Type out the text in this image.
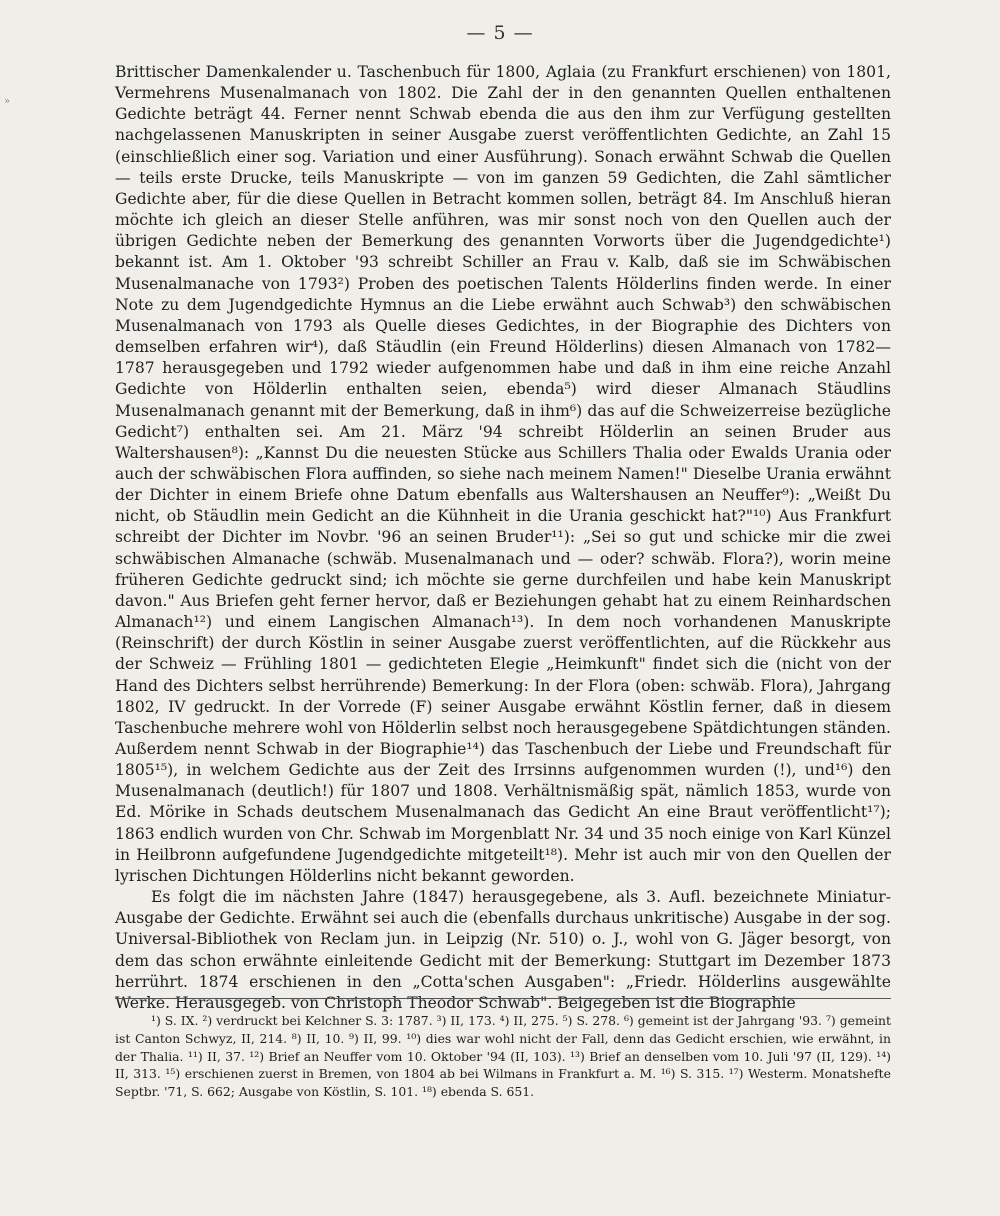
— 5 —
»

Brittischer Damenkalender u. Taschenbuch für 1800, Aglaia (zu Frankfurt erschienen) von 1801, Vermehrens Musenalmanach von 1802. Die Zahl der in den genannten Quellen enthaltenen Gedichte beträgt 44. Ferner nennt Schwab ebenda die aus den ihm zur Verfügung gestellten nachgelassenen Manuskripten in seiner Ausgabe zuerst veröffentlichten Gedichte, an Zahl 15 (einschließlich einer sog. Variation und einer Ausführung). Sonach erwähnt Schwab die Quellen — teils erste Drucke, teils Manuskripte — von im ganzen 59 Gedichten, die Zahl sämtlicher Gedichte aber, für die diese Quellen in Betracht kommen sollen, beträgt 84. Im Anschluß hieran möchte ich gleich an dieser Stelle anführen, was mir sonst noch von den Quellen auch der übrigen Gedichte neben der Bemerkung des genannten Vorworts über die Jugendgedichte¹) bekannt ist. Am 1. Oktober '93 schreibt Schiller an Frau v. Kalb, daß sie im Schwäbischen Musenalmanache von 1793²) Proben des poetischen Talents Hölderlins finden werde. In einer Note zu dem Jugendgedichte Hymnus an die Liebe erwähnt auch Schwab³) den schwäbischen Musenalmanach von 1793 als Quelle dieses Gedichtes, in der Biographie des Dichters von demselben erfahren wir⁴), daß Stäudlin (ein Freund Hölderlins) diesen Almanach von 1782—1787 herausgegeben und 1792 wieder aufgenommen habe und daß in ihm eine reiche Anzahl Gedichte von Hölderlin enthalten seien, ebenda⁵) wird dieser Almanach Stäudlins Musenalmanach genannt mit der Bemerkung, daß in ihm⁶) das auf die Schweizerreise bezügliche Gedicht⁷) enthalten sei. Am 21. März '94 schreibt Hölderlin an seinen Bruder aus Waltershausen⁸): „Kannst Du die neuesten Stücke aus Schillers Thalia oder Ewalds Urania oder auch der schwäbischen Flora auffinden, so siehe nach meinem Namen!" Dieselbe Urania erwähnt der Dichter in einem Briefe ohne Datum ebenfalls aus Waltershausen an Neuffer⁹): „Weißt Du nicht, ob Stäudlin mein Gedicht an die Kühnheit in die Urania geschickt hat?"¹⁰) Aus Frankfurt schreibt der Dichter im Novbr. '96 an seinen Bruder¹¹): „Sei so gut und schicke mir die zwei schwäbischen Almanache (schwäb. Musenalmanach und — oder? schwäb. Flora?), worin meine früheren Gedichte gedruckt sind; ich möchte sie gerne durchfeilen und habe kein Manuskript davon." Aus Briefen geht ferner hervor, daß er Beziehungen gehabt hat zu einem Reinhardschen Almanach¹²) und einem Langischen Almanach¹³). In dem noch vorhandenen Manuskripte (Reinschrift) der durch Köstlin in seiner Ausgabe zuerst veröffentlichten, auf die Rückkehr aus der Schweiz — Frühling 1801 — gedichteten Elegie „Heimkunft" findet sich die (nicht von der Hand des Dichters selbst herrührende) Bemerkung: In der Flora (oben: schwäb. Flora), Jahrgang 1802, IV gedruckt. In der Vorrede (F) seiner Ausgabe erwähnt Köstlin ferner, daß in diesem Taschenbuche mehrere wohl von Hölderlin selbst noch herausgegebene Spätdichtungen ständen. Außerdem nennt Schwab in der Biographie¹⁴) das Taschenbuch der Liebe und Freundschaft für 1805¹⁵), in welchem Gedichte aus der Zeit des Irrsinns aufgenommen wurden (!), und¹⁶) den Musenalmanach (deutlich!) für 1807 und 1808. Verhältnismäßig spät, nämlich 1853, wurde von Ed. Mörike in Schads deutschem Musenalmanach das Gedicht An eine Braut veröffentlicht¹⁷); 1863 endlich wurden von Chr. Schwab im Morgenblatt Nr. 34 und 35 noch einige von Karl Künzel in Heilbronn aufgefundene Jugendgedichte mitgeteilt¹⁸). Mehr ist auch mir von den Quellen der lyrischen Dichtungen Hölderlins nicht bekannt geworden.

Es folgt die im nächsten Jahre (1847) herausgegebene, als 3. Aufl. bezeichnete Miniatur-Ausgabe der Gedichte. Erwähnt sei auch die (ebenfalls durchaus unkritische) Ausgabe in der sog. Universal-Bibliothek von Reclam jun. in Leipzig (Nr. 510) o. J., wohl von G. Jäger besorgt, von dem das schon erwähnte einleitende Gedicht mit der Bemerkung: Stuttgart im Dezember 1873 herrührt. 1874 erschienen in den „Cotta'schen Ausgaben": „Friedr. Hölderlins ausgewählte Werke. Herausgegeb. von Christoph Theodor Schwab". Beigegeben ist die Biographie

¹) S. IX. ²) verdruckt bei Kelchner S. 3: 1787. ³) II, 173. ⁴) II, 275. ⁵) S. 278. ⁶) gemeint ist der Jahrgang '93. ⁷) gemeint ist Canton Schwyz, II, 214. ⁸) II, 10. ⁹) II, 99. ¹⁰) dies war wohl nicht der Fall, denn das Gedicht erschien, wie erwähnt, in der Thalia. ¹¹) II, 37. ¹²) Brief an Neuffer vom 10. Oktober '94 (II, 103). ¹³) Brief an denselben vom 10. Juli '97 (II, 129). ¹⁴) II, 313. ¹⁵) erschienen zuerst in Bremen, von 1804 ab bei Wilmans in Frankfurt a. M. ¹⁶) S. 315. ¹⁷) Westerm. Monatshefte Septbr. '71, S. 662; Ausgabe von Köstlin, S. 101. ¹⁸) ebenda S. 651.
